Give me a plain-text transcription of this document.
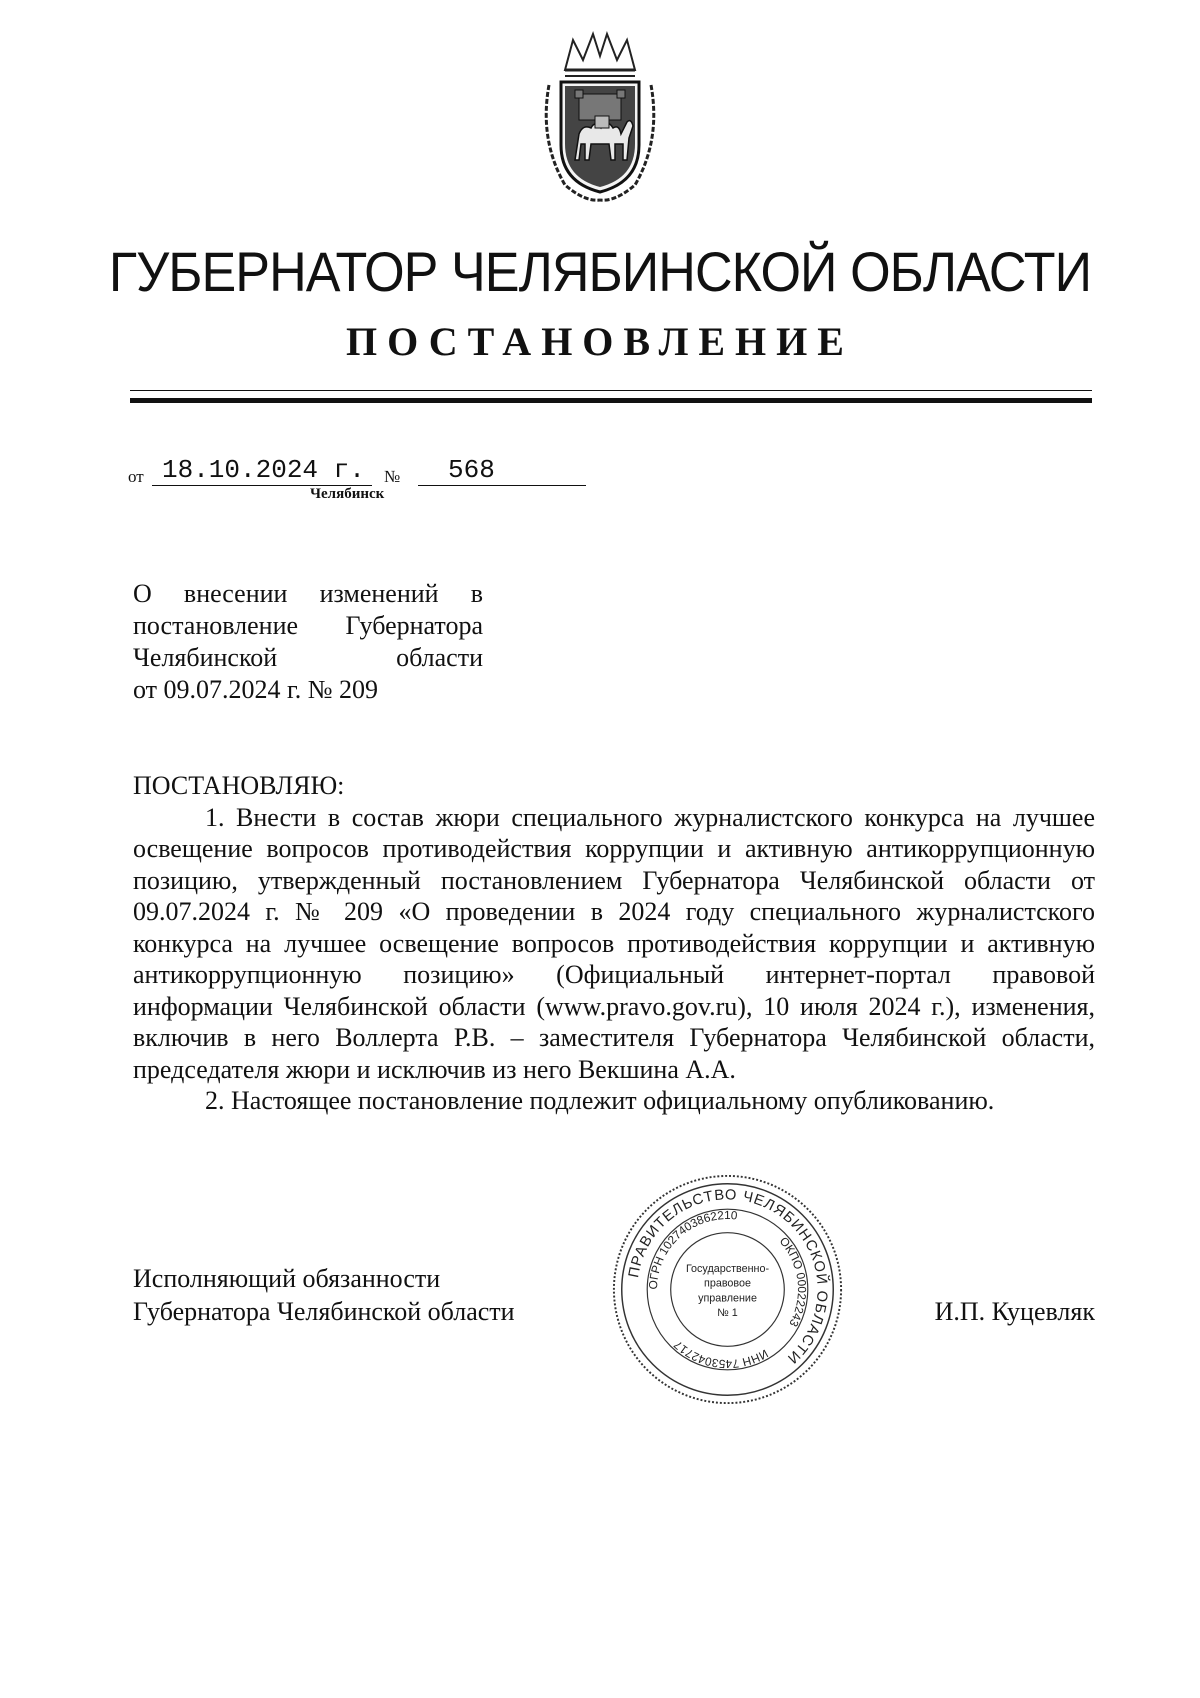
ГУБЕРНАТОР ЧЕЛЯБИНСКОЙ ОБЛАСТИ
ПОСТАНОВЛЕНИЕ
от 18.10.2024 г.	№	568
Челябинск
О внесении изменений в
постановление Губернатора
Челябинской области
от 09.07.2024 г. № 209
ПОСТАНОВЛЯЮ:

1. Внести в состав жюри специального журналистского конкурса на лучшее освещение вопросов противодействия коррупции и активную антикоррупционную позицию, утвержденный постановлением Губернатора Челябинской области от 09.07.2024 г. № 209 «О проведении в 2024 году специального журналистского конкурса на лучшее освещение вопросов противодействия коррупции и активную антикоррупционную позицию» (Официальный интернет-портал правовой информации Челябинской области (www.pravo.gov.ru), 10 июля 2024 г.), изменения, включив в него Воллерта Р.В. – заместителя Губернатора Челябинской области, председателя жюри и исключив из него Векшина А.А.

2. Настоящее постановление подлежит официальному опубликованию.

Исполняющий обязанности
Губернатора Челябинской области
ПРАВИТЕЛЬСТВО ЧЕЛЯБИНСКОЙ ОБЛАСТИ
ОГРН 1027403862210
ОКПО 00022243
ИНН 7453042717
Государственно-
правовое
управление
№ 1	И.П. Куцевляк
